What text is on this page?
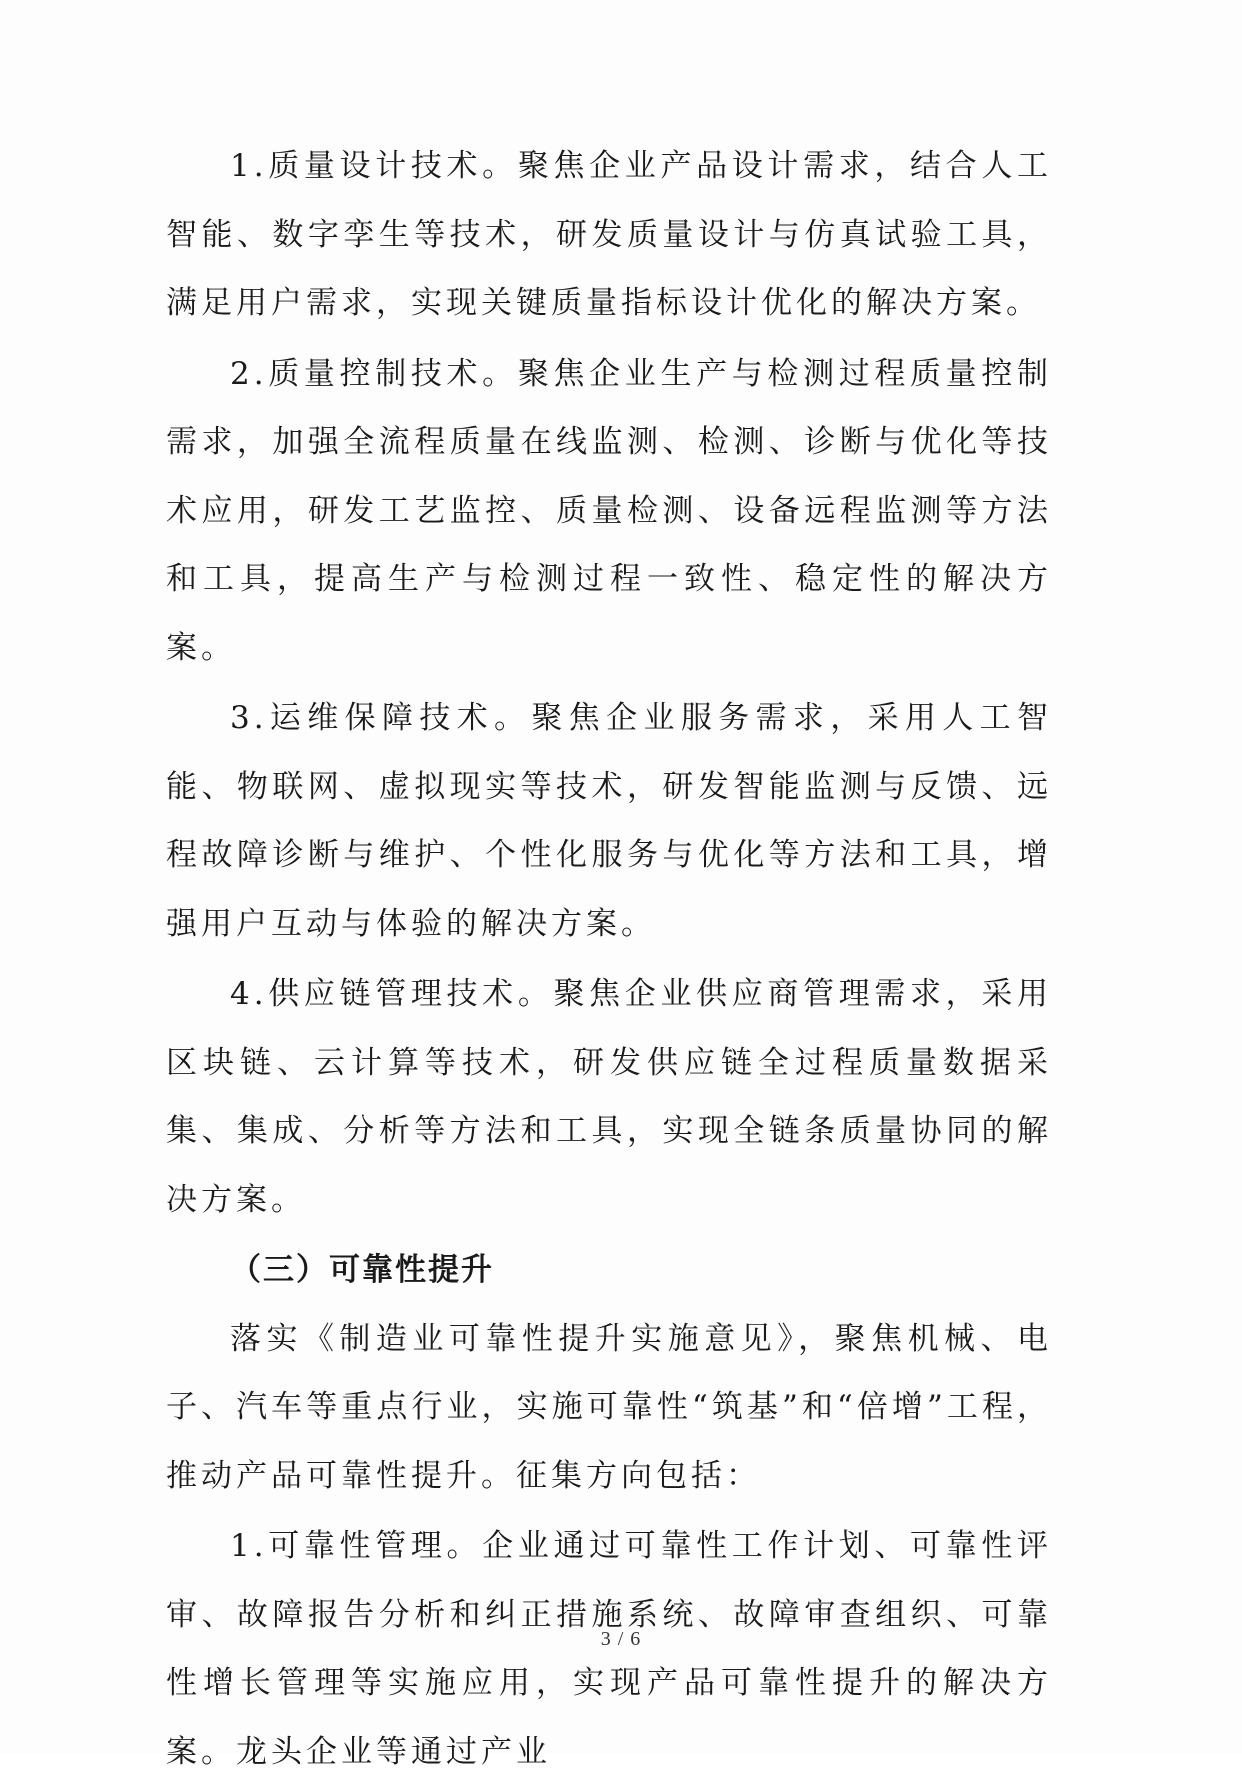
1.质量设计技术。聚焦企业产品设计需求，结合人工智能、数字孪生等技术，研发质量设计与仿真试验工具，满足用户需求，实现关键质量指标设计优化的解决方案。

2.质量控制技术。聚焦企业生产与检测过程质量控制需求，加强全流程质量在线监测、检测、诊断与优化等技术应用，研发工艺监控、质量检测、设备远程监测等方法和工具，提高生产与检测过程一致性、稳定性的解决方案。

3.运维保障技术。聚焦企业服务需求，采用人工智能、物联网、虚拟现实等技术，研发智能监测与反馈、远程故障诊断与维护、个性化服务与优化等方法和工具，增强用户互动与体验的解决方案。

4.供应链管理技术。聚焦企业供应商管理需求，采用区块链、云计算等技术，研发供应链全过程质量数据采集、集成、分析等方法和工具，实现全链条质量协同的解决方案。

（三）可靠性提升

落实《制造业可靠性提升实施意见》，聚焦机械、电子、汽车等重点行业，实施可靠性“筑基”和“倍增”工程，推动产品可靠性提升。征集方向包括：

1.可靠性管理。企业通过可靠性工作计划、可靠性评审、故障报告分析和纠正措施系统、故障审查组织、可靠性增长管理等实施应用，实现产品可靠性提升的解决方案。龙头企业等通过产业

3 / 6
